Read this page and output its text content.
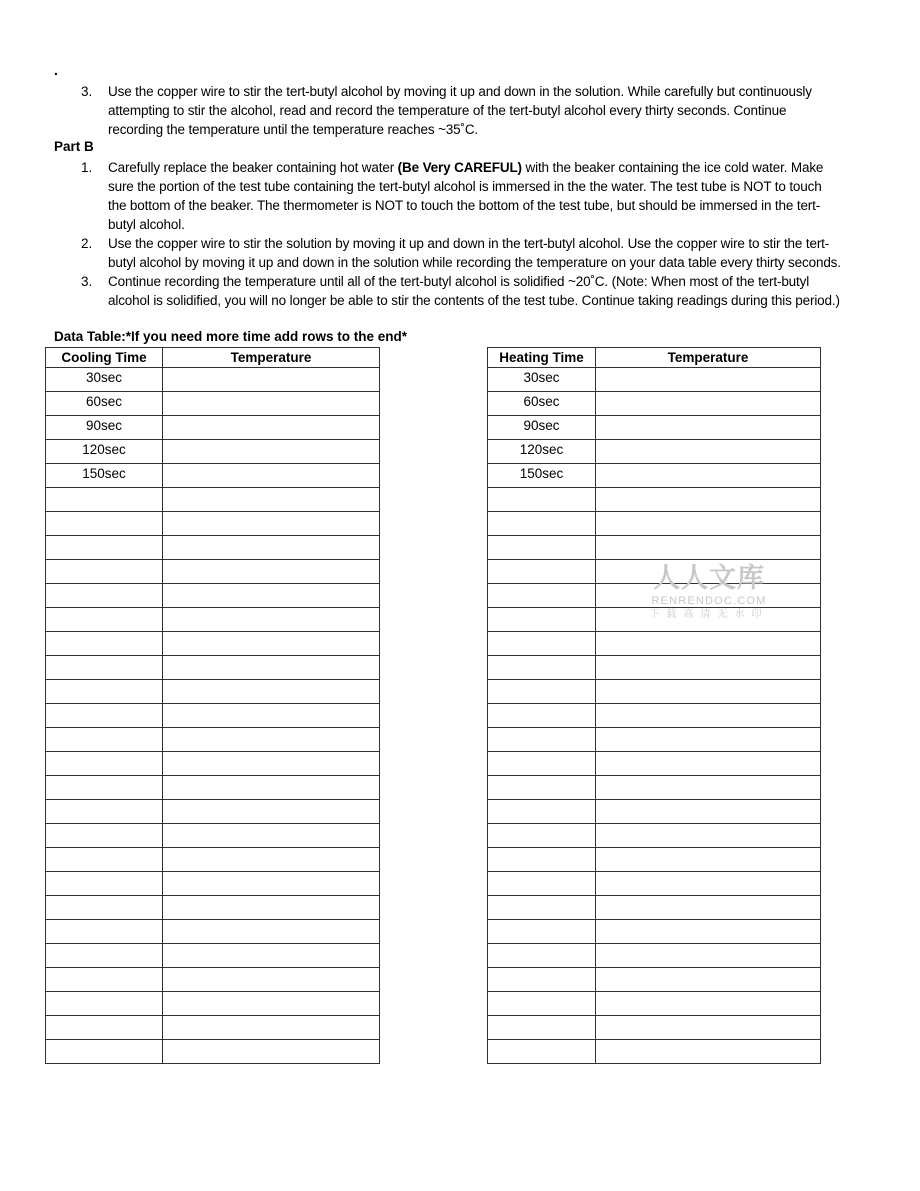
.
3. Use the copper wire to stir the tert-butyl alcohol by moving it up and down in the solution. While carefully but continuously
attempting to stir the alcohol, read and record the temperature of the tert-butyl alcohol every thirty seconds. Continue
recording the temperature until the temperature reaches ~35˚C.
Part B
1. Carefully replace the beaker containing hot water (Be Very CAREFUL) with the beaker containing the ice cold water. Make
sure the portion of the test tube containing the tert-butyl alcohol is immersed in the the water. The test tube is NOT to touch
the bottom of the beaker. The thermometer is NOT to touch the bottom of the test tube, but should be immersed in the tert-
butyl alcohol.
2. Use the copper wire to stir the solution by moving it up and down in the tert-butyl alcohol. Use the copper wire to stir the tert-
butyl alcohol by moving it up and down in the solution while recording the temperature on your data table every thirty seconds.
3. Continue recording the temperature until all of the tert-butyl alcohol is solidified ~20˚C. (Note: When most of the tert-butyl
alcohol is solidified, you will no longer be able to stir the contents of the test tube. Continue taking readings during this period.)
Data Table:*If you need more time add rows to the end*
Cooling Time	Temperature
30sec	
60sec	
90sec	
120sec	
150sec	

Heating Time	Temperature
30sec	
60sec	
90sec	
120sec	
150sec	

人人文库
RENRENDOC.COM
下载高清无水印
